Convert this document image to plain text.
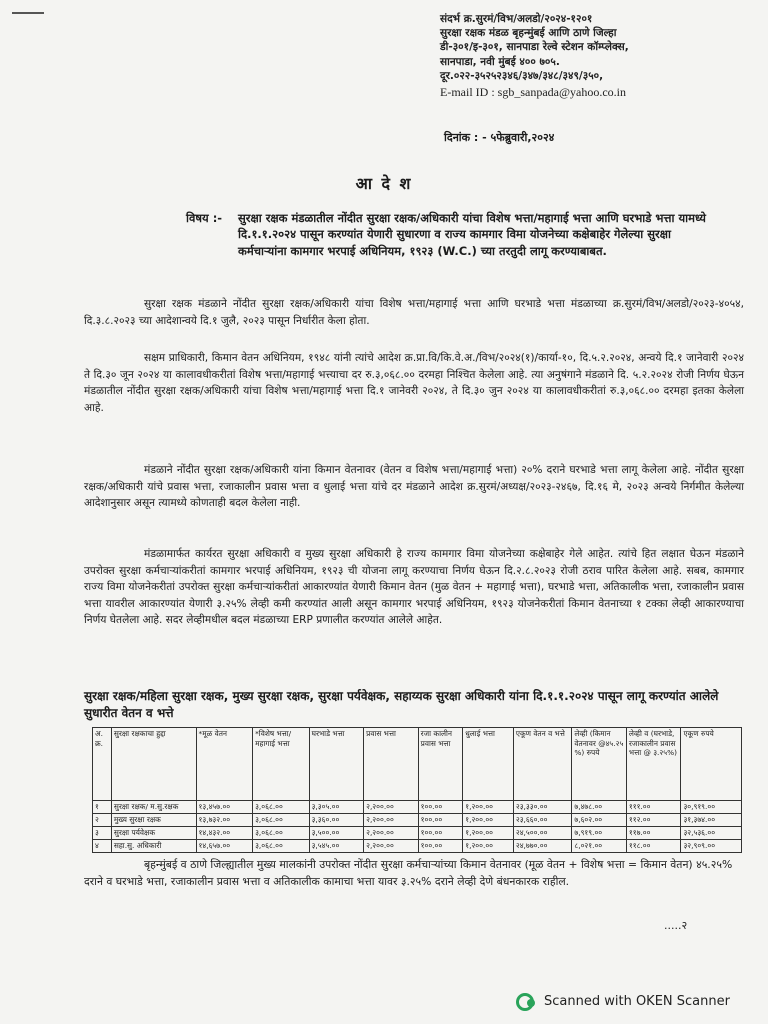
संदर्भ क्र.सुरमं/विभ/अलडो/२०२४-१२०१
सुरक्षा रक्षक मंडळ बृहन्मुंबई आणि ठाणे जिल्हा
डी-३०१/इ-३०१, सानपाडा रेल्वे स्टेशन कॉम्प्लेक्स,
सानपाडा, नवी मुंबई ४०० ७०५.
दूर.०२२-३५२५२३४६/३४७/३४८/३४९/३५०,
E-mail ID : sgb_sanpada@yahoo.co.in
दिनांक : - ५फेब्रुवारी,२०२४
आ दे श
विषय :- सुरक्षा रक्षक मंडळातील नोंदीत सुरक्षा रक्षक/अधिकारी यांचा विशेष भत्ता/महागाई भत्ता आणि घरभाडे भत्ता यामध्ये दि.१.१.२०२४ पासून करण्यांत येणारी सुधारणा व राज्य कामगार विमा योजनेच्या कक्षेबाहेर गेलेल्या सुरक्षा कर्मचाऱ्यांना कामगार भरपाई अधिनियम, १९२३ (W.C.) च्या तरतुदी लागू करण्याबाबत.
सुरक्षा रक्षक मंडळाने नोंदीत सुरक्षा रक्षक/अधिकारी यांचा विशेष भत्ता/महागाई भत्ता आणि घरभाडे भत्ता मंडळाच्या क्र.सुरमं/विभ/अलडो/२०२३-४०५४, दि.३.८.२०२३ च्या आदेशान्वये दि.१ जुलै, २०२३ पासून निर्धारीत केला होता.
सक्षम प्राधिकारी, किमान वेतन अधिनियम, १९४८ यांनी त्यांचे आदेश क्र.प्रा.वि/कि.वे.अ./विभ/२०२४(१)/कार्या-१०, दि.५.२.२०२४, अन्वये दि.१ जानेवारी २०२४ ते दि.३० जून २०२४ या कालावधीकरीतां विशेष भत्ता/महागाई भत्त्याचा दर रु.३,०६८.०० दरमहा निश्चित केलेला आहे. त्या अनुषंगाने मंडळाने दि. ५.२.२०२४ रोजी निर्णय घेऊन मंडळातील नोंदीत सुरक्षा रक्षक/अधिकारी यांचा विशेष भत्ता/महागाई भत्ता दि.१ जानेवरी २०२४, ते दि.३० जुन २०२४ या कालावधीकरीतां रु.३,०६८.०० दरमहा इतका केलेला आहे.
मंडळाने नोंदीत सुरक्षा रक्षक/अधिकारी यांना किमान वेतनावर (वेतन व विशेष भत्ता/महागाई भत्ता) २०% दराने घरभाडे भत्ता लागू केलेला आहे. नोंदीत सुरक्षा रक्षक/अधिकारी यांचे प्रवास भत्ता, रजाकालीन प्रवास भत्ता व धुलाई भत्ता यांचे दर मंडळाने आदेश क्र.सुरमं/अध्यक्ष/२०२३-२४६७, दि.१६ मे, २०२३ अन्वये निर्गमीत केलेल्या आदेशानुसार असून त्यामध्ये कोणताही बदल केलेला नाही.
मंडळामार्फत कार्यरत सुरक्षा अधिकारी व मुख्य सुरक्षा अधिकारी हे राज्य कामगार विमा योजनेच्या कक्षेबाहेर गेले आहेत. त्यांचे हित लक्षात घेऊन मंडळाने उपरोक्त सुरक्षा कर्मचाऱ्यांकरीतां कामगार भरपाई अधिनियम, १९२३ ची योजना लागू करण्याचा निर्णय घेऊन दि.२.८.२०२३ रोजी ठराव पारित केलेला आहे. सबब, कामगार राज्य विमा योजनेकरीतां उपरोक्त सुरक्षा कर्मचाऱ्यांकरीतां आकारण्यांत येणारी किमान वेतन (मुळ वेतन + महागाई भत्ता), घरभाडे भत्ता, अतिकालीक भत्ता, रजाकालीन प्रवास भत्ता यावरील आकारण्यांत येणारी ३.२५% लेव्ही कमी करण्यांत आली असून कामगार भरपाई अधिनियम, १९२३ योजनेकरीतां किमान वेतनाच्या १ टक्का लेव्ही आकारण्याचा निर्णय घेतलेला आहे. सदर लेव्हीमधील बदल मंडळाच्या ERP प्रणालीत करण्यांत आलेले आहेत.
सुरक्षा रक्षक/महिला सुरक्षा रक्षक, मुख्य सुरक्षा रक्षक, सुरक्षा पर्यवेक्षक, सहाय्यक सुरक्षा अधिकारी यांना दि.१.१.२०२४ पासून लागू करण्यांत आलेले सुधारीत वेतन व भत्ते
अ. क्र.	सुरक्षा रक्षकाचा हुद्दा	*मूळ वेतन	*विशेष भत्ता/ महागाई भत्ता	घरभाडे भत्ता	प्रवास भत्ता	रजा कालीन प्रवास भत्ता	धुलाई भत्ता	एकूण वेतन व भत्ते	लेव्ही (किमान वेतनावर @४५.२५ %) रुपये	लेव्ही व (घरभाडे, रजाकालीन प्रवास भत्ता @ ३.२५%)	एकूण रुपये
१	सुरक्षा रक्षक/ म.सु.रक्षक	१३,४५७.००	३,०६८.००	३,३०५.००	२,२००.००	१००.००	१,२००.००	२३,३३०.००	७,४७८.००	१११.००	३०,९१९.००
२	मुख्य सुरक्षा रक्षक	१३,७३२.००	३,०६८.००	३,३६०.००	२,२००.००	१००.००	१,२००.००	२३,६६०.००	७,६०२.००	११२.००	३१,३७४.००
३	सुरक्षा पर्यवेक्षक	१४,४३२.००	३,०६८.००	३,५००.००	२,२००.००	१००.००	१,२००.००	२४,५००.००	७,९१९.००	११७.००	३२,५३६.००
४	सहा.सु. अधिकारी	१४,६५७.००	३,०६८.००	३,५४५.००	२,२००.००	१००.००	१,२००.००	२४,७७०.००	८,०२१.००	११८.००	३२,९०९.००
बृहन्मुंबई व ठाणे जिल्ह्यातील मुख्य मालकांनी उपरोक्त नोंदीत सुरक्षा कर्मचाऱ्यांच्या किमान वेतनावर (मूळ वेतन + विशेष भत्ता = किमान वेतन) ४५.२५% दराने व घरभाडे भत्ता, रजाकालीन प्रवास भत्ता व अतिकालीक कामाचा भत्ता यावर ३.२५% दराने लेव्ही देणे बंधनकारक राहील.
.....२
Scanned with OKEN Scanner
